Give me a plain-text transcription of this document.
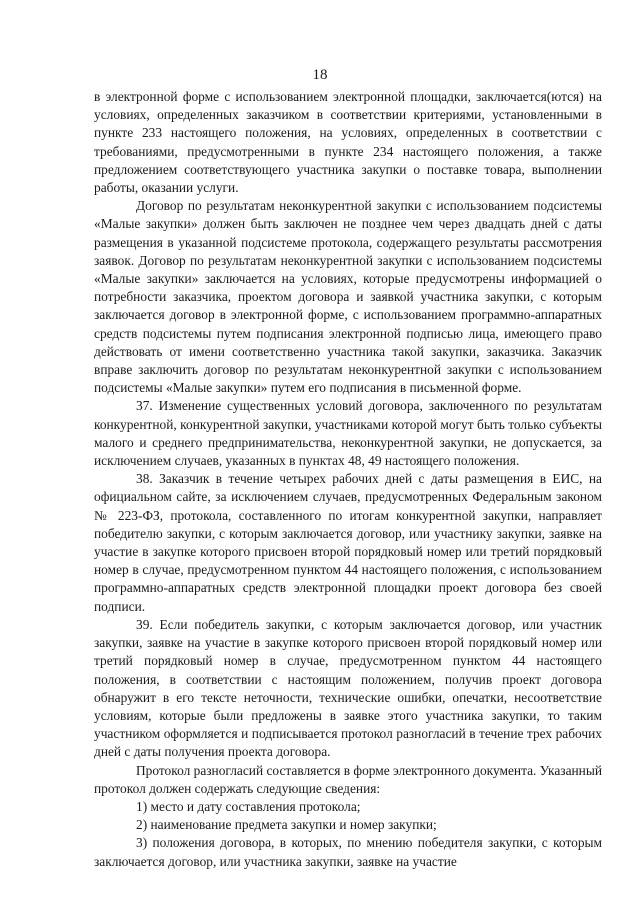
18

в электронной форме с использованием электронной площадки, заключается(ются) на условиях, определенных заказчиком в соответствии критериями, установленными в пункте 233 настоящего положения, на условиях, определенных в соответствии с требованиями, предусмотренными в пункте 234 настоящего положения, а также предложением соответствующего участника закупки о поставке товара, выполнении работы, оказании услуги.

Договор по результатам неконкурентной закупки с использованием подсистемы «Малые закупки» должен быть заключен не позднее чем через двадцать дней с даты размещения в указанной подсистеме протокола, содержащего результаты рассмотрения заявок. Договор по результатам неконкурентной закупки с использованием подсистемы «Малые закупки» заключается на условиях, которые предусмотрены информацией о потребности заказчика, проектом договора и заявкой участника закупки, с которым заключается договор в электронной форме, с использованием программно-аппаратных средств подсистемы путем подписания электронной подписью лица, имеющего право действовать от имени соответственно участника такой закупки, заказчика. Заказчик вправе заключить договор по результатам неконкурентной закупки с использованием подсистемы «Малые закупки» путем его подписания в письменной форме.

37. Изменение существенных условий договора, заключенного по результатам конкурентной, конкурентной закупки, участниками которой могут быть только субъекты малого и среднего предпринимательства, неконкурентной закупки, не допускается, за исключением случаев, указанных в пунктах 48, 49 настоящего положения.

38. Заказчик в течение четырех рабочих дней с даты размещения в ЕИС, на официальном сайте, за исключением случаев, предусмотренных Федеральным законом № 223-ФЗ, протокола, составленного по итогам конкурентной закупки, направляет победителю закупки, с которым заключается договор, или участнику закупки, заявке на участие в закупке которого присвоен второй порядковый номер или третий порядковый номер в случае, предусмотренном пунктом 44 настоящего положения, с использованием программно-аппаратных средств электронной площадки проект договора без своей подписи.

39. Если победитель закупки, с которым заключается договор, или участник закупки, заявке на участие в закупке которого присвоен второй порядковый номер или третий порядковый номер в случае, предусмотренном пунктом 44 настоящего положения, в соответствии с настоящим положением, получив проект договора обнаружит в его тексте неточности, технические ошибки, опечатки, несоответствие условиям, которые были предложены в заявке этого участника закупки, то таким участником оформляется и подписывается протокол разногласий в течение трех рабочих дней с даты получения проекта договора.

Протокол разногласий составляется в форме электронного документа. Указанный протокол должен содержать следующие сведения:

1) место и дату составления протокола;

2) наименование предмета закупки и номер закупки;

3) положения договора, в которых, по мнению победителя закупки, с которым заключается договор, или участника закупки, заявке на участие
